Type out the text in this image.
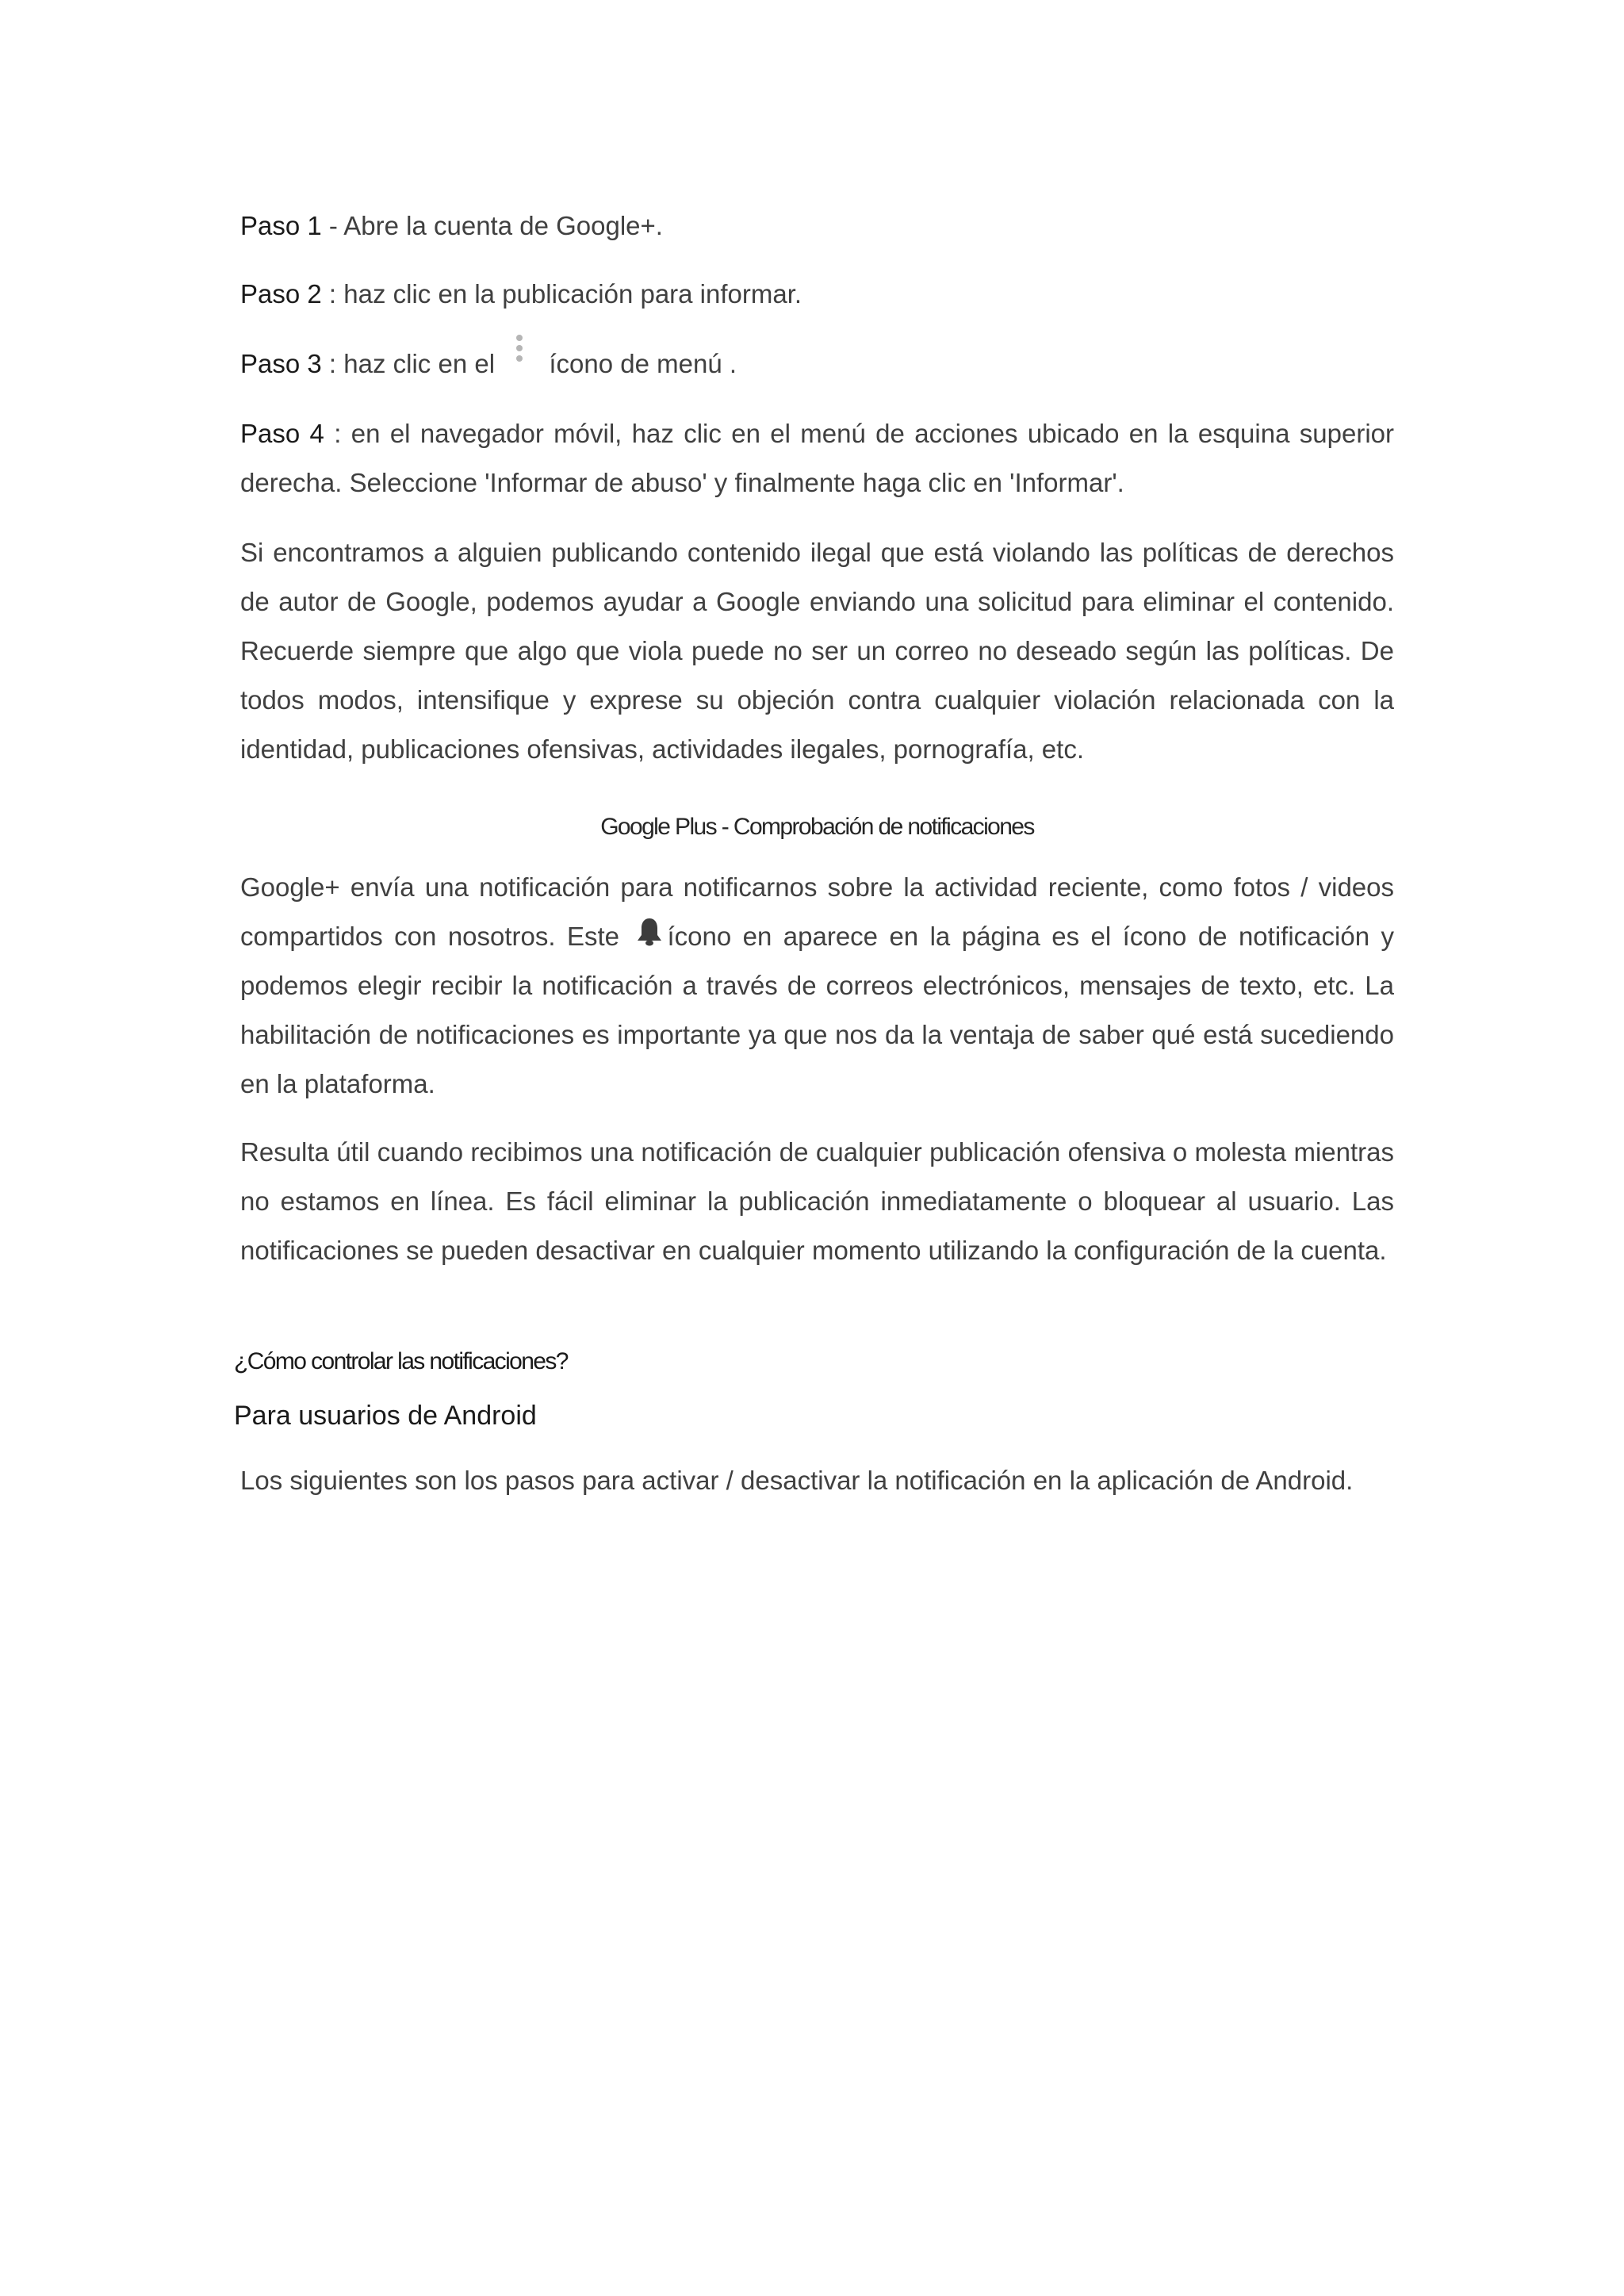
Paso 1 - Abre la cuenta de Google+.
Paso 2 : haz clic en la publicación para informar.
Paso 3 : haz clic en el
ícono de menú .
Paso 4 : en el navegador móvil, haz clic en el menú de acciones ubicado en la esquina superior derecha. Seleccione 'Informar de abuso' y finalmente haga clic en 'Informar'.
Si encontramos a alguien publicando contenido ilegal que está violando las políticas de derechos de autor de Google, podemos ayudar a Google enviando una solicitud para eliminar el contenido. Recuerde siempre que algo que viola puede no ser un correo no deseado según las políticas. De todos modos, intensifique y exprese su objeción contra cualquier violación relacionada con la identidad, publicaciones ofensivas, actividades ilegales, pornografía, etc.
Google Plus - Comprobación de notificaciones
Google+ envía una notificación para notificarnos sobre la actividad reciente, como fotos / videos compartidos con nosotros. Este ícono en aparece en la página es el ícono de notificación y podemos elegir recibir la notificación a través de correos electrónicos, mensajes de texto, etc. La habilitación de notificaciones es importante ya que nos da la ventaja de saber qué está sucediendo en la plataforma.
Resulta útil cuando recibimos una notificación de cualquier publicación ofensiva o molesta mientras no estamos en línea. Es fácil eliminar la publicación inmediatamente o bloquear al usuario. Las notificaciones se pueden desactivar en cualquier momento utilizando la configuración de la cuenta.
¿Cómo controlar las notificaciones?
Para usuarios de Android
Los siguientes son los pasos para activar / desactivar la notificación en la aplicación de Android.
